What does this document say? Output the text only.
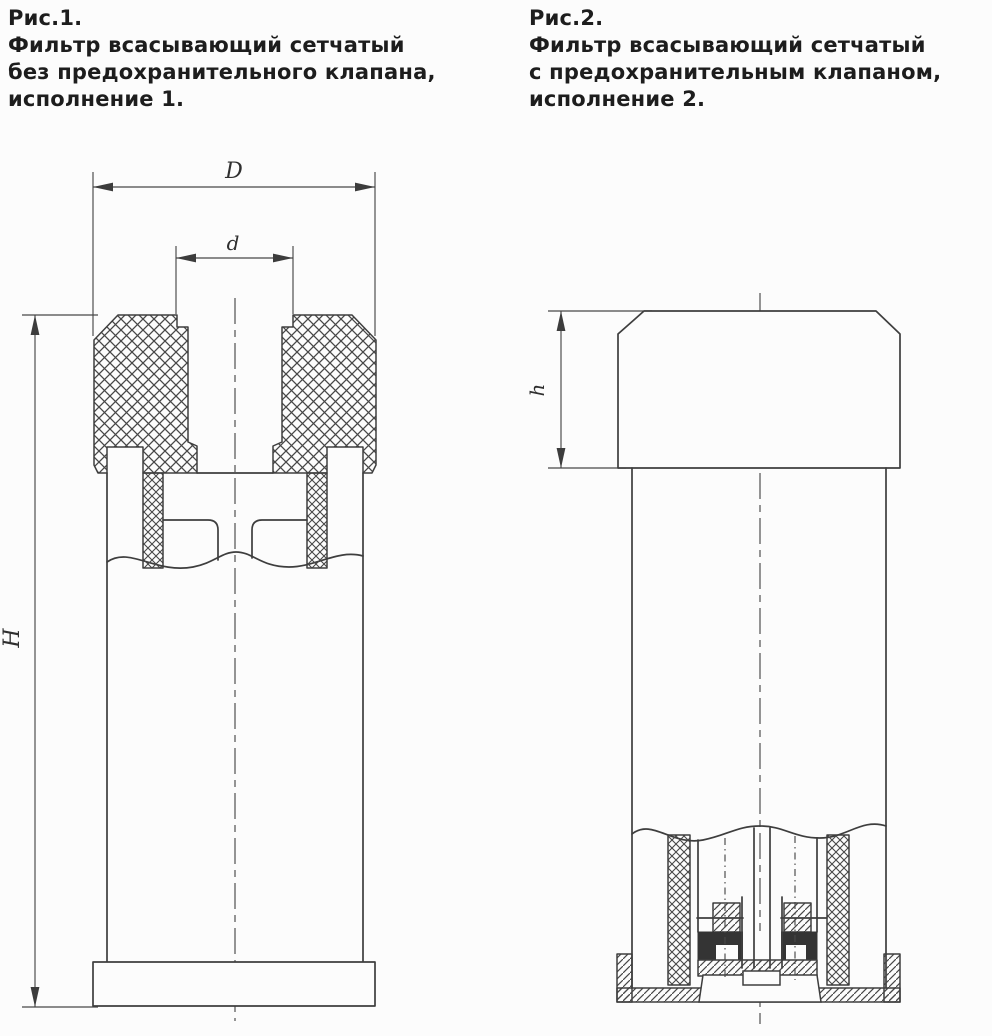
Рис.1.
Фильтр всасывающий сетчатый
без предохранительного клапана,
исполнение 1.
Рис.2.
Фильтр всасывающий сетчатый
с предохранительным клапаном,
исполнение 2.
D
d
H
h
